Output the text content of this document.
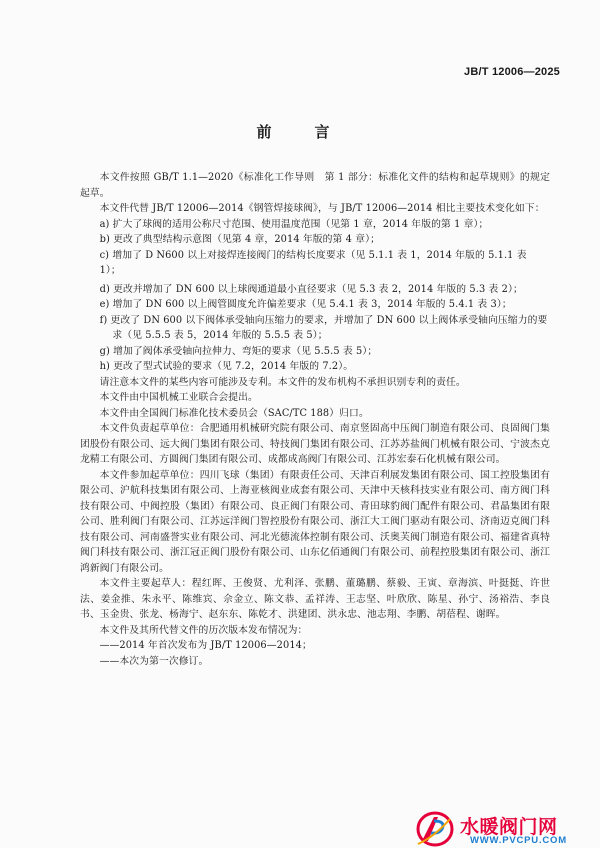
JB/T 12006—2025
前　言

本文件按照 GB/T 1.1—2020《标准化工作导则　第 1 部分：标准化文件的结构和起草规则》的规定起草。

本文件代替 JB/T 12006—2014《钢管焊接球阀》，与 JB/T 12006—2014 相比主要技术变化如下：

a) 扩大了球阀的适用公称尺寸范围、使用温度范围（见第 1 章，2014 年版的第 1 章）；

b) 更改了典型结构示意图（见第 4 章，2014 年版的第 4 章）；

c) 增加了 D N600 以上对接焊连接阀门的结构长度要求（见 5.1.1 表 1，2014 年版的 5.1.1 表 1）；

d) 更改并增加了 DN 600 以上球阀通道最小直径要求（见 5.3 表 2，2014 年版的 5.3 表 2）；

e) 增加了 DN 600 以上阀管圆度允许偏差要求（见 5.4.1 表 3，2014 年版的 5.4.1 表 3）；

f) 更改了 DN 600 以下阀体承受轴向压缩力的要求，并增加了 DN 600 以上阀体承受轴向压缩力的要求（见 5.5.5 表 5，2014 年版的 5.5.5 表 5）；

g) 增加了阀体承受轴向拉伸力、弯矩的要求（见 5.5.5 表 5）；

h) 更改了型式试验的要求（见 7.2，2014 年版的 7.2）。

请注意本文件的某些内容可能涉及专利。本文件的发布机构不承担识别专利的责任。

本文件由中国机械工业联合会提出。

本文件由全国阀门标准化技术委员会（SAC/TC 188）归口。

本文件负责起草单位：合肥通用机械研究院有限公司、南京竖固高中压阀门制造有限公司、良固阀门集团股份有限公司、远大阀门集团有限公司、特技阀门集团有限公司、江苏苏盐阀门机械有限公司、宁波杰克龙精工有限公司、方圆阀门集团有限公司、成都成高阀门有限公司、江苏宏泰石化机械有限公司。

本文件参加起草单位：四川飞球（集团）有限责任公司、天津百利展发集团有限公司、国工控股集团有限公司、沪航科技集团有限公司、上海亚核阀业成套有限公司、天津中天核科技实业有限公司、南方阀门科技有限公司、中阀控股（集团）有限公司、良正阀门有限公司、青田球豹阀门配件有限公司、君晶集团有限公司、胜利阀门有限公司、江苏远洋阀门智控股份有限公司、浙江大工阀门驱动有限公司、济南迈克阀门科技有限公司、河南盛誉实业有限公司、河北光德流体控制有限公司、沃奥芙阀门制造有限公司、福建省真特阀门科技有限公司、浙江冠正阀门股份有限公司、山东亿佰通阀门有限公司、前程控股集团有限公司、浙江鸿新阀门有限公司。

本文件主要起草人：程红晖、王俊贤、尤利泽、张鹏、董璐鹏、蔡毅、王寅、章海滨、叶挺挺、许世法、姜金推、朱永平、陈维宾、佘金立、陈文恭、孟祥涛、王志坚、叶欣欣、陈星、孙宁、汤裕浩、李良书、玉金贵、张龙、杨海宁、赵东东、陈乾才、洪建团、洪永忠、池志翔、李鹏、胡蓓程、谢晖。

本文件及其所代替文件的历次版本发布情况为：

——2014 年首次发布为 JB/T 12006—2014；

——本次为第一次修订。

水暖阀门网
WWW.PVCPU.COM
